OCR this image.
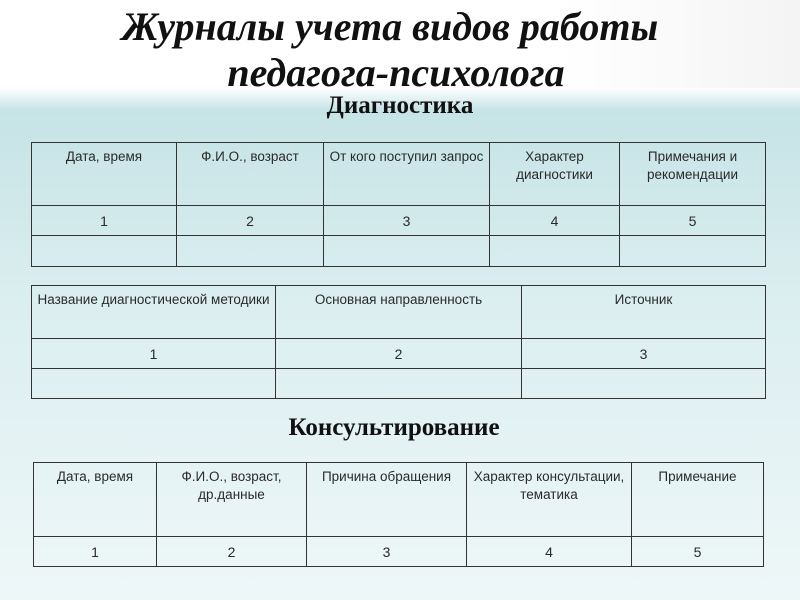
Журналы учета видов работы
педагога-психолога
Диагностика
Дата, время	Ф.И.О., возраст	От кого поступил запрос	Характер диагностики	Примечания и рекомендации
1	2	3	4	5

Название диагностической методики	Основная направленность	Источник
1	2	3

Консультирование
Дата, время	Ф.И.О., возраст, др.данные	Причина обращения	Характер консультации, тематика	Примечание
1	2	3	4	5
